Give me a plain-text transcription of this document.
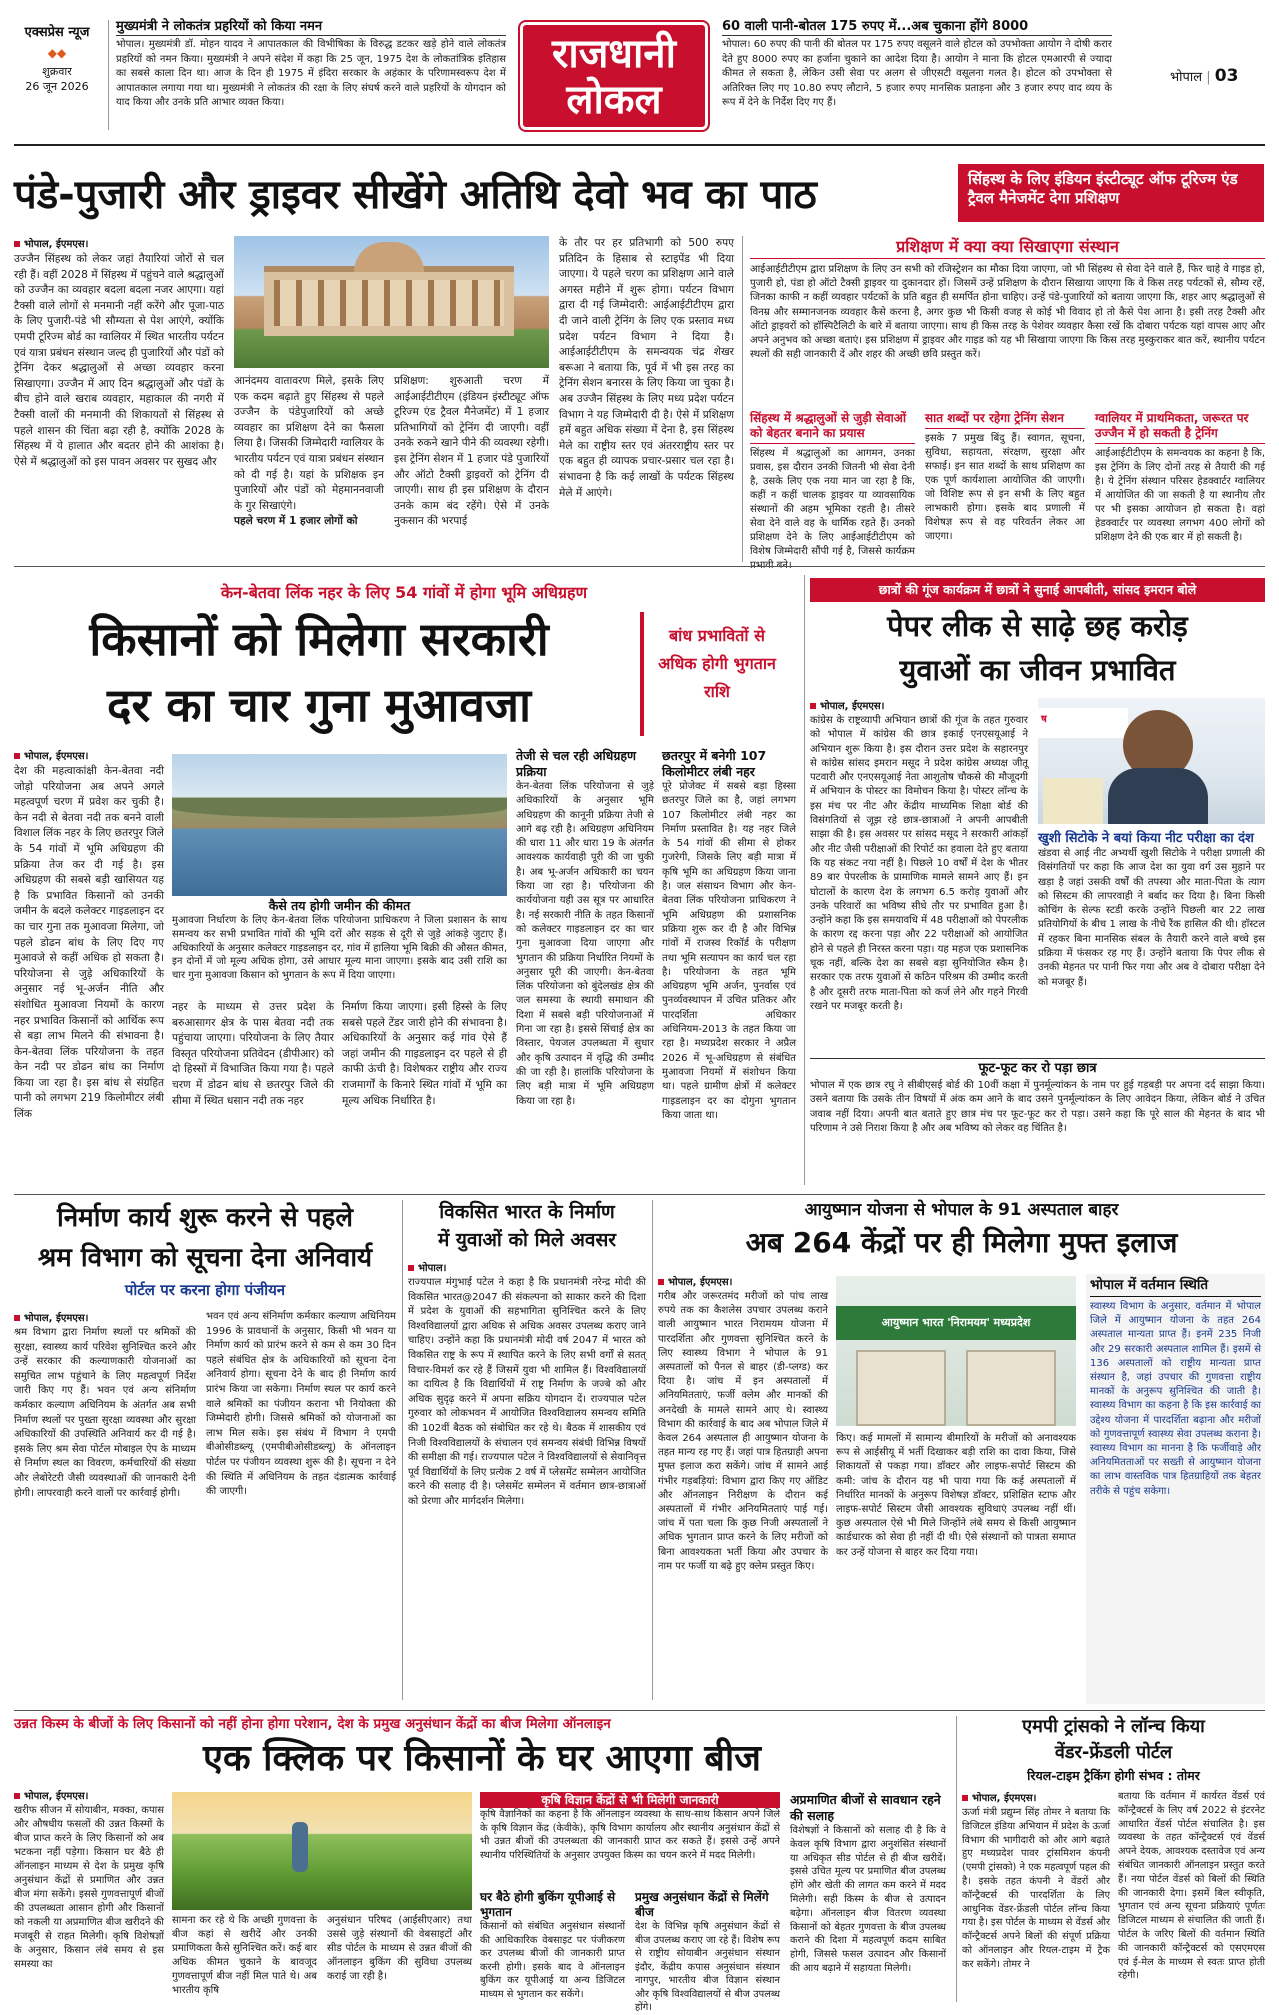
एक्सप्रेस न्यूज
◆◆
शुक्रवार
26 जून 2026
मुख्यमंत्री ने लोकतंत्र प्रहरियों को किया नमन
भोपाल। मुख्यमंत्री डॉ. मोहन यादव ने आपातकाल की विभीषिका के विरुद्ध डटकर खड़े होने वाले लोकतंत्र प्रहरियों को नमन किया। मुख्यमंत्री ने अपने संदेश में कहा कि 25 जून, 1975 देश के लोकतांत्रिक इतिहास का सबसे काला दिन था। आज के दिन ही 1975 में इंदिरा सरकार के अहंकार के परिणामस्वरूप देश में आपातकाल लगाया गया था। मुख्यमंत्री ने लोकतंत्र की रक्षा के लिए संघर्ष करने वाले प्रहरियों के योगदान को याद किया और उनके प्रति आभार व्यक्त किया।
राजधानी
लोकल
60 वाली पानी-बोतल 175 रुपए में...अब चुकाना होंगे 8000
भोपाल। 60 रुपए की पानी की बोतल पर 175 रुपए वसूलने वाले होटल को उपभोक्ता आयोग ने दोषी करार देते हुए 8000 रुपए का हर्जाना चुकाने का आदेश दिया है। आयोग ने माना कि होटल एमआरपी से ज्यादा कीमत ले सकता है, लेकिन उसी सेवा पर अलग से जीएसटी वसूलना गलत है। होटल को उपभोक्ता से अतिरिक्त लिए गए 10.80 रुपए लौटाने, 5 हजार रुपए मानसिक प्रताड़ना और 3 हजार रुपए वाद व्यय के रूप में देने के निर्देश दिए गए हैं।
भोपाल | 03
पंडे-पुजारी और ड्राइवर सीखेंगे अतिथि देवो भव का पाठ	सिंहस्थ के लिए इंडियन इंस्टीट्यूट ऑफ टूरिज्म एंड ट्रैवल मैनेजमेंट देगा प्रशिक्षण
भोपाल, ईएमएस।
उज्जैन सिंहस्थ को लेकर जहां तैयारियां जोरों से चल रही हैं। वहीं 2028 में सिंहस्थ में पहुंचने वाले श्रद्धालुओं को उज्जैन का व्यवहार बदला बदला नजर आएगा। यहां टैक्सी वाले लोगों से मनमानी नहीं करेंगे और पूजा-पाठ के लिए पुजारी-पंडे भी सौम्यता से पेश आएंगे, क्योंकि एमपी टूरिज्म बोर्ड का ग्वालियर में स्थित भारतीय पर्यटन एवं यात्रा प्रबंधन संस्थान जल्द ही पुजारियों और पंडों को ट्रेनिंग देकर श्रद्धालुओं से अच्छा व्यवहार करना सिखाएगा। उज्जैन में आए दिन श्रद्धालुओं और पंडों के बीच होने वाले खराब व्यवहार, महाकाल की नगरी में टैक्सी वालों की मनमानी की शिकायतों से सिंहस्थ से पहले शासन की चिंता बढ़ा रही है, क्योंकि 2028 के सिंहस्थ में ये हालात और बदतर होने की आशंका है। ऐसे में श्रद्धालुओं को इस पावन अवसर पर सुखद और
आनंदमय वातावरण मिले, इसके लिए एक कदम बढ़ाते हुए सिंहस्थ से पहले उज्जैन के पंडेपुजारियों को अच्छे व्यवहार का प्रशिक्षण देने का फैसला लिया है। जिसकी जिम्मेदारी ग्वालियर के भारतीय पर्यटन एवं यात्रा प्रबंधन संस्थान को दी गई है। यहां के प्रशिक्षक इन पुजारियों और पंडों को मेहमाननवाजी के गुर सिखाएंगे।
पहले चरण में 1 हजार लोगों को
प्रशिक्षण: शुरुआती चरण में आईआईटीटीएम (इंडियन इंस्टीट्यूट ऑफ टूरिज्म एंड ट्रैवल मैनेजमेंट) में 1 हजार प्रतिभागियों को ट्रेनिंग दी जाएगी। वहीं उनके रुकने खाने पीने की व्यवस्था रहेगी। इस ट्रेनिंग सेशन में 1 हजार पंडे पुजारियों और ऑटो टैक्सी ड्राइवरों को ट्रेनिंग दी जाएगी। साथ ही इस प्रशिक्षण के दौरान उनके काम बंद रहेंगे। ऐसे में उनके नुकसान की भरपाई
के तौर पर हर प्रतिभागी को 500 रुपए प्रतिदिन के हिसाब से स्टाइपेंड भी दिया जाएगा। ये पहले चरण का प्रशिक्षण आने वाले अगस्त महीने में शुरू होगा। पर्यटन विभाग द्वारा दी गई जिम्मेदारी: आईआईटीटीएम द्वारा दी जाने वाली ट्रेनिंग के लिए एक प्रस्ताव मध्य प्रदेश पर्यटन विभाग ने दिया है। आईआईटीटीएम के समन्वयक चंद्र शेखर बरूआ ने बताया कि, पूर्व में भी इस तरह का ट्रेनिंग सेशन बनारस के लिए किया जा चुका है। अब उज्जैन सिंहस्थ के लिए मध्य प्रदेश पर्यटन विभाग ने यह जिम्मेदारी दी है। ऐसे में प्रशिक्षण हमें बहुत अधिक संख्या में देना है, इस सिंहस्थ मेले का राष्ट्रीय स्तर एवं अंतरराष्ट्रीय स्तर पर एक बहुत ही व्यापक प्रचार-प्रसार चल रहा है। संभावना है कि कई लाखों के पर्यटक सिंहस्थ मेले में आएंगे।
प्रशिक्षण में क्या क्या सिखाएगा संस्थान
आईआईटीटीएम द्वारा प्रशिक्षण के लिए उन सभी को रजिस्ट्रेशन का मौका दिया जाएगा, जो भी सिंहस्थ से सेवा देने वाले हैं, फिर चाहे वे गाइड हो, पुजारी हो, पंडा हो ऑटो टैक्सी ड्राइवर या दुकानदार हों। जिसमें उन्हें प्रशिक्षण के दौरान सिखाया जाएगा कि वे किस तरह पर्यटकों से, सौम्य रहें, जिनका काफी न कहीं व्यवहार पर्यटकों के प्रति बहुत ही समर्पित होना चाहिए। उन्हें पंडे-पुजारियों को बताया जाएगा कि, शहर आए श्रद्धालुओं से विनम्र और सम्मानजनक व्यवहार कैसे करना है, अगर कुछ भी किसी वजह से कोई भी विवाद हो तो कैसे पेश आना है। इसी तरह टैक्सी और ऑटो ड्राइवरों को हॉस्पिटैलिटी के बारे में बताया जाएगा। साथ ही किस तरह के पेशेवर व्यवहार कैसा रखें कि दोबारा पर्यटक यहां वापस आए और अपने अनुभव को अच्छा बताएं। इस प्रशिक्षण में ड्राइवर और गाइड को यह भी सिखाया जाएगा कि किस तरह मुस्कुराकर बात करें, स्थानीय पर्यटन स्थलों की सही जानकारी दें और शहर की अच्छी छवि प्रस्तुत करें।
सिंहस्थ में श्रद्धालुओं से जुड़ी सेवाओं को बेहतर बनाने का प्रयास
सिंहस्थ में श्रद्धालुओं का आगमन, उनका प्रवास, इस दौरान उनकी जितनी भी सेवा देनी है, उसके लिए एक नया मान जा रहा है कि, कहीं न कहीं चालक ड्राइवर या व्यावसायिक संस्थानों की अहम भूमिका रहती है। तीसरे सेवा देने वाले वह के धार्मिक रहते हैं। उनको प्रशिक्षण देने के लिए आईआईटीटीएम को विशेष जिम्मेदारी सौंपी गई है, जिससे कार्यक्रम
सात शब्दों पर रहेगा ट्रेनिंग सेशन
इसके 7 प्रमुख बिंदु हैं। स्वागत, सूचना, सुविधा, सहायता, संरक्षण, सुरक्षा और सफाई। इन सात शब्दों के साथ प्रशिक्षण का एक पूर्ण कार्यशाला आयोजित की जाएगी। जो विशिष्ट रूप से इन सभी के लिए बहुत लाभकारी होगा। इसके बाद प्रणाली में विशेषज्ञ रूप से वह परिवर्तन लेकर आ जाएगा।
ग्वालियर में प्राथमिकता, जरूरत पर उज्जैन में हो सकती है ट्रेनिंग
आईआईटीटीएम के समन्वयक का कहना है कि, इस ट्रेनिंग के लिए दोनों तरह से तैयारी की गई है। ये ट्रेनिंग संस्थान परिसर हेडक्वार्टर ग्वालियर में आयोजित की जा सकती है या स्थानीय तौर पर भी इसका आयोजन हो सकता है। वहां हेडक्वार्टर पर व्यवस्था लगभग 400 लोगों को प्रशिक्षण देने की एक बार में हो सकती है।
केन-बेतवा लिंक नहर के लिए 54 गांवों में होगा भूमि अधिग्रहण
किसानों को मिलेगा सरकारी
दर का चार गुना मुआवजा
बांध प्रभावितों से अधिक होगी भुगतान राशि
भोपाल, ईएमएस।
देश की महत्वाकांक्षी केन-बेतवा नदी जोड़ो परियोजना अब अपने अगले महत्वपूर्ण चरण में प्रवेश कर चुकी है। केन नदी से बेतवा नदी तक बनने वाली विशाल लिंक नहर के लिए छतरपुर जिले के 54 गांवों में भूमि अधिग्रहण की प्रक्रिया तेज कर दी गई है। इस अधिग्रहण की सबसे बड़ी खासियत यह है कि प्रभावित किसानों को उनकी जमीन के बदले कलेक्टर गाइडलाइन दर का चार गुना तक मुआवजा मिलेगा, जो पहले डोढन बांध के लिए दिए गए मुआवजे से कहीं अधिक हो सकता है। परियोजना से जुड़े अधिकारियों के अनुसार नई भू-अर्जन नीति और संशोधित मुआवजा नियमों के कारण नहर प्रभावित किसानों को आर्थिक रूप से बड़ा लाभ मिलने की संभावना है। केन-बेतवा लिंक परियोजना के तहत केन नदी पर डोढन बांध का निर्माण किया जा रहा है। इस बांध से संग्रहित पानी को लगभग 219 किलोमीटर लंबी लिंक
कैसे तय होगी जमीन की कीमत
मुआवजा निर्धारण के लिए केन-बेतवा लिंक परियोजना प्राधिकरण ने जिला प्रशासन के साथ समन्वय कर सभी प्रभावित गांवों की भूमि दरों और सड़क से दूरी से जुड़े आंकड़े जुटाए हैं। अधिकारियों के अनुसार कलेक्टर गाइडलाइन दर, गांव में हालिया भूमि बिक्री की औसत कीमत, इन दोनों में जो मूल्य अधिक होगा, उसे आधार मूल्य माना जाएगा। इसके बाद उसी राशि का चार गुना मुआवजा किसान को भुगतान के रूप में दिया जाएगा।
नहर के माध्यम से उत्तर प्रदेश के बरुआसागर क्षेत्र के पास बेतवा नदी तक पहुंचाया जाएगा। परियोजना के लिए तैयार विस्तृत परियोजना प्रतिवेदन (डीपीआर) को दो हिस्सों में विभाजित किया गया है। पहले चरण में डोढन बांध से छतरपुर जिले की सीमा में स्थित धसान नदी तक नहर
निर्माण किया जाएगा। इसी हिस्से के लिए सबसे पहले टेंडर जारी होने की संभावना है। अधिकारियों के अनुसार कई गांव ऐसे हैं जहां जमीन की गाइडलाइन दर पहले से ही काफी ऊंची है। विशेषकर राष्ट्रीय और राज्य राजमार्गों के किनारे स्थित गांवों में भूमि का मूल्य अधिक निर्धारित है।
तेजी से चल रही अधिग्रहण प्रक्रिया
केन-बेतवा लिंक परियोजना से जुड़े अधिकारियों के अनुसार भूमि अधिग्रहण की कानूनी प्रक्रिया तेजी से आगे बढ़ रही है। अधिग्रहण अधिनियम की धारा 11 और धारा 19 के अंतर्गत आवश्यक कार्यवाही पूरी की जा चुकी है। अब भू-अर्जन अधिकारी का चयन किया जा रहा है। परियोजना की कार्ययोजना यही उस सूत्र पर आधारित है। नई सरकारी नीति के तहत किसानों को कलेक्टर गाइडलाइन दर का चार गुना मुआवजा दिया जाएगा और भुगतान की प्रक्रिया निर्धारित नियमों के अनुसार पूरी की जाएगी। केन-बेतवा लिंक परियोजना को बुंदेलखंड क्षेत्र की जल समस्या के स्थायी समाधान की दिशा में सबसे बड़ी परियोजनाओं में गिना जा रहा है। इससे सिंचाई क्षेत्र का विस्तार, पेयजल उपलब्धता में सुधार और कृषि उत्पादन में वृद्धि की उम्मीद की जा रही है। हालांकि परियोजना के लिए बड़ी मात्रा में भूमि अधिग्रहण किया जा रहा है।
छतरपुर में बनेगी 107 किलोमीटर लंबी नहर
पूरे प्रोजेक्ट में सबसे बड़ा हिस्सा छतरपुर जिले का है, जहां लगभग 107 किलोमीटर लंबी नहर का निर्माण प्रस्तावित है। यह नहर जिले के 54 गांवों की सीमा से होकर गुजरेगी, जिसके लिए बड़ी मात्रा में कृषि भूमि का अधिग्रहण किया जाना है। जल संसाधन विभाग और केन-बेतवा लिंक परियोजना प्राधिकरण ने भूमि अधिग्रहण की प्रशासनिक प्रक्रिया शुरू कर दी है और विभिन्न गांवों में राजस्व रिकॉर्ड के परीक्षण तथा भूमि सत्यापन का कार्य चल रहा है। परियोजना के तहत भूमि अधिग्रहण भूमि अर्जन, पुनर्वास एवं पुनर्व्यवस्थापन में उचित प्रतिकर और पारदर्शिता अधिकार अधिनियम-2013 के तहत किया जा रहा है। मध्यप्रदेश सरकार ने अप्रैल 2026 में भू-अधिग्रहण से संबंधित मुआवजा नियमों में संशोधन किया था। पहले ग्रामीण क्षेत्रों में कलेक्टर गाइडलाइन दर का दोगुना भुगतान किया जाता था।
छात्रों की गूंज कार्यक्रम में छात्रों ने सुनाई आपबीती, सांसद इमरान बोले
पेपर लीक से साढ़े छह करोड़
युवाओं का जीवन प्रभावित
भोपाल, ईएमएस।
कांग्रेस के राष्ट्रव्यापी अभियान छात्रों की गूंज के तहत गुरुवार को भोपाल में कांग्रेस की छात्र इकाई एनएसयूआई ने अभियान शुरू किया है। इस दौरान उत्तर प्रदेश के सहारनपुर से कांग्रेस सांसद इमरान मसूद ने प्रदेश कांग्रेस अध्यक्ष जीतू पटवारी और एनएसयूआई नेता आशुतोष चौकसे की मौजूदगी में अभियान के पोस्टर का विमोचन किया है। पोस्टर लॉन्च के इस मंच पर नीट और केंद्रीय माध्यमिक शिक्षा बोर्ड की विसंगतियों से जूझ रहे छात्र-छात्राओं ने अपनी आपबीती साझा की है। इस अवसर पर सांसद मसूद ने सरकारी आंकड़ों और नीट जैसी परीक्षाओं की रिपोर्ट का हवाला देते हुए बताया कि यह संकट नया नहीं है। पिछले 10 वर्षों में देश के भीतर 89 बार पेपरलीक के प्रामाणिक मामले सामने आए हैं। इन घोटालों के कारण देश के लगभग 6.5 करोड़ युवाओं और उनके परिवारों का भविष्य सीधे तौर पर प्रभावित हुआ है। उन्होंने कहा कि इस समयावधि में 48 परीक्षाओं को पेपरलीक के कारण रद्द करना पड़ा और 22 परीक्षाओं को आयोजित होने से पहले ही निरस्त करना पड़ा। यह महज एक प्रशासनिक चूक नहीं, बल्कि देश का सबसे बड़ा सुनियोजित स्कैम है। सरकार एक तरफ युवाओं से कठिन परिश्रम की उम्मीद करती है और दूसरी तरफ माता-पिता को कर्ज लेने और गहने गिरवी रखने पर मजबूर करती है।
ष
खुशी सिटोके ने बयां किया नीट परीक्षा का दंश
खंडवा से आई नीट अभ्यर्थी खुशी सिटोके ने परीक्षा प्रणाली की विसंगतियों पर कहा कि आज देश का युवा वर्ग उस मुहाने पर खड़ा है जहां उसकी वर्षों की तपस्या और माता-पिता के त्याग को सिस्टम की लापरवाही ने बर्बाद कर दिया है। बिना किसी कोचिंग के सेल्फ स्टडी करके उन्होंने पिछली बार 22 लाख प्रतियोगियों के बीच 1 लाख के नीचे रैंक हासिल की थी। हॉस्टल में रहकर बिना मानसिक संबल के तैयारी करने वाले बच्चे इस प्रक्रिया में फंसकर रह गए हैं। उन्होंने बताया कि पेपर लीक से उनकी मेहनत पर पानी फिर गया और अब वे दोबारा परीक्षा देने को मजबूर हैं।
फूट-फूट कर रो पड़ा छात्र
भोपाल में एक छात्र रघु ने सीबीएसई बोर्ड की 10वीं कक्षा में पुनर्मूल्यांकन के नाम पर हुई गड़बड़ी पर अपना दर्द साझा किया। उसने बताया कि उसके तीन विषयों में अंक कम आने के बाद उसने पुनर्मूल्यांकन के लिए आवेदन किया, लेकिन बोर्ड ने उचित जवाब नहीं दिया। अपनी बात बताते हुए छात्र मंच पर फूट-फूट कर रो पड़ा। उसने कहा कि पूरे साल की मेहनत के बाद भी परिणाम ने उसे निराश किया है और अब भविष्य को लेकर वह चिंतित है।
निर्माण कार्य शुरू करने से पहले
श्रम विभाग को सूचना देना अनिवार्य
पोर्टल पर करना होगा पंजीयन
भोपाल, ईएमएस।
श्रम विभाग द्वारा निर्माण स्थलों पर श्रमिकों की सुरक्षा, स्वास्थ्य कार्य परिवेश सुनिश्चित करने और उन्हें सरकार की कल्याणकारी योजनाओं का समुचित लाभ पहुंचाने के लिए महत्वपूर्ण निर्देश जारी किए गए हैं। भवन एवं अन्य संनिर्माण कर्मकार कल्याण अधिनियम के अंतर्गत अब सभी निर्माण स्थलों पर पुख्ता सुरक्षा व्यवस्था और सुरक्षा अधिकारियों की उपस्थिति अनिवार्य कर दी गई है। इसके लिए श्रम सेवा पोर्टल मोबाइल ऐप के माध्यम से निर्माण स्थल का विवरण, कर्मचारियों की संख्या और लेबोरेटरी जैसी व्यवस्थाओं की जानकारी देनी होगी। लापरवाही करने वालों पर कार्रवाई होगी।
भवन एवं अन्य संनिर्माण कर्मकार कल्याण अधिनियम 1996 के प्रावधानों के अनुसार, किसी भी भवन या निर्माण कार्य को प्रारंभ करने से कम से कम 30 दिन पहले संबंधित क्षेत्र के अधिकारियों को सूचना देना अनिवार्य होगा। सूचना देने के बाद ही निर्माण कार्य प्रारंभ किया जा सकेगा। निर्माण स्थल पर कार्य करने वाले श्रमिकों का पंजीयन कराना भी नियोक्ता की जिम्मेदारी होगी। जिससे श्रमिकों को योजनाओं का लाभ मिल सके। इस संबंध में विभाग ने एमपी बीओसीडब्ल्यू (एमपीबीओसीडब्ल्यू) के ऑनलाइन पोर्टल पर पंजीयन व्यवस्था शुरू की है। सूचना न देने की स्थिति में अधिनियम के तहत दंडात्मक कार्रवाई की जाएगी।
विकसित भारत के निर्माण
में युवाओं को मिले अवसर
भोपाल।
राज्यपाल मंगुभाई पटेल ने कहा है कि प्रधानमंत्री नरेन्द्र मोदी की विकसित भारत@2047 की संकल्पना को साकार करने की दिशा में प्रदेश के युवाओं की सहभागिता सुनिश्चित करने के लिए विश्वविद्यालयों द्वारा अधिक से अधिक अवसर उपलब्ध कराए जाने चाहिए। उन्होंने कहा कि प्रधानमंत्री मोदी वर्ष 2047 में भारत को विकसित राष्ट्र के रूप में स्थापित करने के लिए सभी वर्गों से सतत् विचार-विमर्श कर रहे हैं जिसमें युवा भी शामिल हैं। विश्वविद्यालयों का दायित्व है कि विद्यार्थियों में राष्ट्र निर्माण के जज्बे को और अधिक सुदृढ़ करने में अपना सक्रिय योगदान दें। राज्यपाल पटेल गुरुवार को लोकभवन में आयोजित विश्वविद्यालय समन्वय समिति की 102वीं बैठक को संबोधित कर रहे थे। बैठक में शासकीय एवं निजी विश्वविद्यालयों के संचालन एवं समन्वय संबंधी विभिन्न विषयों की समीक्षा की गई। राज्यपाल पटेल ने विश्वविद्यालयों से सेवानिवृत्त पूर्व विद्यार्थियों के लिए प्रत्येक 2 वर्ष में प्लेसमेंट सम्मेलन आयोजित करने की सलाह दी है। प्लेसमेंट सम्मेलन में वर्तमान छात्र-छात्राओं को प्रेरणा और मार्गदर्शन मिलेगा।
आयुष्मान योजना से भोपाल के 91 अस्पताल बाहर
अब 264 केंद्रों पर ही मिलेगा मुफ्त इलाज
भोपाल, ईएमएस।
गरीब और जरूरतमंद मरीजों को पांच लाख रुपये तक का कैशलेस उपचार उपलब्ध कराने वाली आयुष्मान भारत निरामयम योजना में पारदर्शिता और गुणवत्ता सुनिश्चित करने के लिए स्वास्थ्य विभाग ने भोपाल के 91 अस्पतालों को पैनल से बाहर (डी-प्लग्ड) कर दिया है। जांच में इन अस्पतालों में अनियमितताएं, फर्जी क्लेम और मानकों की अनदेखी के मामले सामने आए थे। स्वास्थ्य विभाग की कार्रवाई के बाद अब भोपाल जिले में केवल 264 अस्पताल ही आयुष्मान योजना के तहत मान्य रह गए हैं। जहां पात्र हितग्राही अपना मुफ्त इलाज करा सकेंगे। जांच में सामने आई गंभीर गड़बड़ियां: विभाग द्वारा किए गए ऑडिट और ऑनलाइन निरीक्षण के दौरान कई अस्पतालों में गंभीर अनियमितताएं पाई गई। जांच में पता चला कि कुछ निजी अस्पतालों ने अधिक भुगतान प्राप्त करने के लिए मरीजों को बिना आवश्यकता भर्ती किया और उपचार के नाम पर फर्जी या बढ़े हुए क्लेम प्रस्तुत किए।
आयुष्मान भारत 'निरामयम' मध्यप्रदेश
किए। कई मामलों में सामान्य बीमारियों के मरीजों को अनावश्यक रूप से आईसीयू में भर्ती दिखाकर बड़ी राशि का दावा किया, जिसे शिकायतों से पकड़ा गया। डॉक्टर और लाइफ-सपोर्ट सिस्टम की कमी: जांच के दौरान यह भी पाया गया कि कई अस्पतालों में निर्धारित मानकों के अनुरूप विशेषज्ञ डॉक्टर, प्रशिक्षित स्टाफ और लाइफ-सपोर्ट सिस्टम जैसी आवश्यक सुविधाएं उपलब्ध नहीं थीं। कुछ अस्पताल ऐसे भी मिले जिन्होंने लंबे समय से किसी आयुष्मान कार्डधारक को सेवा ही नहीं दी थी। ऐसे संस्थानों को पात्रता समाप्त कर उन्हें योजना से बाहर कर दिया गया।
भोपाल में वर्तमान स्थिति
स्वास्थ्य विभाग के अनुसार, वर्तमान में भोपाल जिले में आयुष्मान योजना के तहत 264 अस्पताल मान्यता प्राप्त हैं। इनमें 235 निजी और 29 सरकारी अस्पताल शामिल हैं। इसमें से 136 अस्पतालों को राष्ट्रीय मान्यता प्राप्त संस्थान है, जहां उपचार की गुणवत्ता राष्ट्रीय मानकों के अनुरूप सुनिश्चित की जाती है। स्वास्थ्य विभाग का कहना है कि इस कार्रवाई का उद्देश्य योजना में पारदर्शिता बढ़ाना और मरीजों को गुणवत्तापूर्ण स्वास्थ्य सेवा उपलब्ध कराना है। स्वास्थ्य विभाग का मानना है कि फर्जीवाड़े और अनियमितताओं पर सख्ती से आयुष्मान योजना का लाभ वास्तविक पात्र हितग्राहियों तक बेहतर तरीके से पहुंच सकेगा।
उन्नत किस्म के बीजों के लिए किसानों को नहीं होना होगा परेशान, देश के प्रमुख अनुसंधान केंद्रों का बीज मिलेगा ऑनलाइन
एक क्लिक पर किसानों के घर आएगा बीज
भोपाल, ईएमएस।
खरीफ सीजन में सोयाबीन, मक्का, कपास और औषधीय फसलों की उन्नत किस्मों के बीज प्राप्त करने के लिए किसानों को अब भटकना नहीं पड़ेगा। किसान घर बैठे ही ऑनलाइन माध्यम से देश के प्रमुख कृषि अनुसंधान केंद्रों से प्रमाणित और उन्नत बीज मंगा सकेंगे। इससे गुणवत्तापूर्ण बीजों की उपलब्धता आसान होगी और किसानों को नकली या अप्रमाणित बीज खरीदने की मजबूरी से राहत मिलेगी। कृषि विशेषज्ञों के अनुसार, किसान लंबे समय से इस समस्या का
सामना कर रहे थे कि अच्छी गुणवत्ता के बीज कहां से खरीदें और उनकी प्रमाणिकता कैसे सुनिश्चित करें। कई बार अधिक कीमत चुकाने के बावजूद गुणवत्तापूर्ण बीज नहीं मिल पाते थे। अब भारतीय कृषि
अनुसंधान परिषद (आईसीएआर) तथा उससे जुड़े संस्थानों की वेबसाइटों और सीड पोर्टल के माध्यम से उन्नत बीजों की ऑनलाइन बुकिंग की सुविधा उपलब्ध कराई जा रही है।
कृषि विज्ञान केंद्रों से भी मिलेगी जानकारी
कृषि वैज्ञानिकों का कहना है कि ऑनलाइन व्यवस्था के साथ-साथ किसान अपने जिले के कृषि विज्ञान केंद्र (केवीके), कृषि विभाग कार्यालय और स्थानीय अनुसंधान केंद्रों से भी उन्नत बीजों की उपलब्धता की जानकारी प्राप्त कर सकते हैं। इससे उन्हें अपने स्थानीय परिस्थितियों के अनुसार उपयुक्त किस्म का चयन करने में मदद मिलेगी।
घर बैठे होगी बुकिंग यूपीआई से भुगतान
किसानों को संबंधित अनुसंधान संस्थानों की आधिकारिक वेबसाइट पर पंजीकरण कर उपलब्ध बीजों की जानकारी प्राप्त करनी होगी। इसके बाद वे ऑनलाइन बुकिंग कर यूपीआई या अन्य डिजिटल माध्यम से भुगतान कर सकेंगे।
प्रमुख अनुसंधान केंद्रों से मिलेंगे बीज
देश के विभिन्न कृषि अनुसंधान केंद्रों से बीज उपलब्ध कराए जा रहे हैं। विशेष रूप से राष्ट्रीय सोयाबीन अनुसंधान संस्थान इंदौर, केंद्रीय कपास अनुसंधान संस्थान नागपुर, भारतीय बीज विज्ञान संस्थान और कृषि विश्वविद्यालयों से बीज उपलब्ध होंगे।
अप्रमाणित बीजों से सावधान रहने की सलाह
विशेषज्ञों ने किसानों को सलाह दी है कि वे केवल कृषि विभाग द्वारा अनुशंसित संस्थानों या अधिकृत सीड पोर्टल से ही बीज खरीदें। इससे उचित मूल्य पर प्रमाणित बीज उपलब्ध होंगे और खेती की लागत कम करने में मदद मिलेगी। सही किस्म के बीज से उत्पादन बढ़ेगा। ऑनलाइन बीज वितरण व्यवस्था किसानों को बेहतर गुणवत्ता के बीज उपलब्ध कराने की दिशा में महत्वपूर्ण कदम साबित होगी, जिससे फसल उत्पादन और किसानों की आय बढ़ाने में सहायता मिलेगी।
एमपी ट्रांसको ने लॉन्च किया
वेंडर-फ्रेंडली पोर्टल
रियल-टाइम ट्रैकिंग होगी संभव : तोमर
भोपाल, ईएमएस।
ऊर्जा मंत्री प्रद्युम्न सिंह तोमर ने बताया कि डिजिटल इंडिया अभियान में प्रदेश के ऊर्जा विभाग की भागीदारी को और आगे बढ़ाते हुए मध्यप्रदेश पावर ट्रांसमिशन कंपनी (एमपी ट्रांसको) ने एक महत्वपूर्ण पहल की है। इसके तहत कंपनी ने वेंडरों और कॉन्ट्रैक्टर्स की पारदर्शिता के लिए आधुनिक वेंडर-फ्रेंडली पोर्टल लॉन्च किया गया है। इस पोर्टल के माध्यम से वेंडर्स और कॉन्ट्रैक्टर्स अपने बिलों की संपूर्ण प्रक्रिया को ऑनलाइन और रियल-टाइम में ट्रैक कर सकेंगे। तोमर ने
बताया कि वर्तमान में कार्यरत वेंडर्स एवं कॉन्ट्रैक्टर्स के लिए वर्ष 2022 से इंटरनेट आधारित वेंडर्स पोर्टल संचालित है। इस व्यवस्था के तहत कॉन्ट्रैक्टर्स एवं वेंडर्स अपने देयक, आवश्यक दस्तावेज एवं अन्य संबंधित जानकारी ऑनलाइन प्रस्तुत करते हैं। नया पोर्टल वेंडर्स को बिलों की स्थिति की जानकारी देगा। इसमें बिल स्वीकृति, भुगतान एवं अन्य सूचना प्रक्रियाएं पूर्णतः डिजिटल माध्यम से संचालित की जाती हैं। पोर्टल के जरिए बिलों की वर्तमान स्थिति की जानकारी कॉन्ट्रैक्टर्स को एसएमएस एवं ई-मेल के माध्यम से स्वतः प्राप्त होती रहेगी।
